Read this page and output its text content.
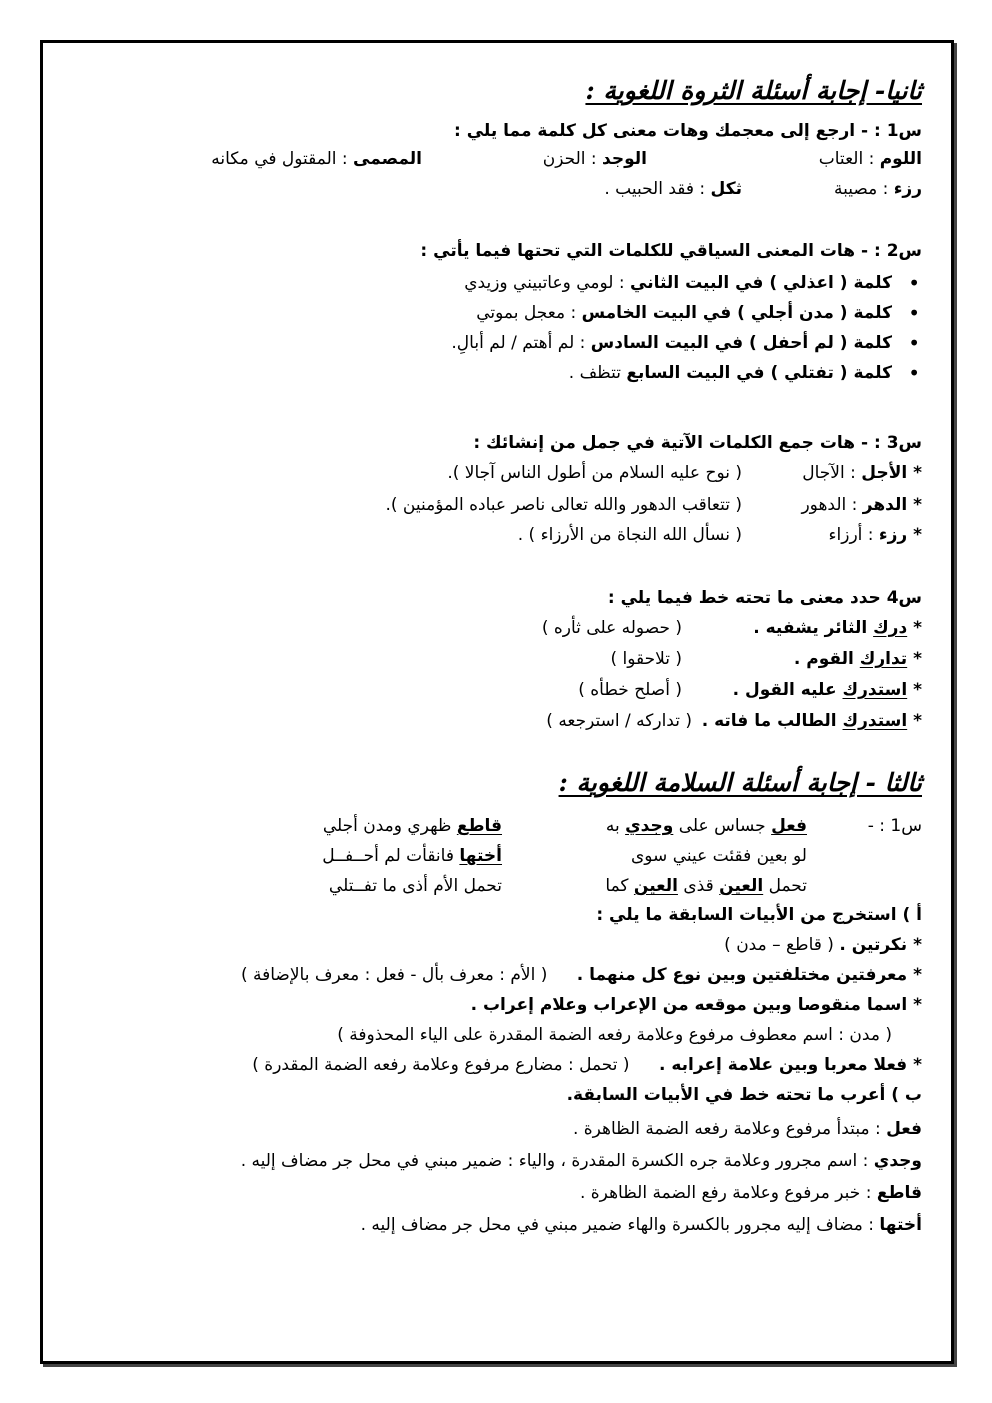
ثانيا- إجابة أسئلة الثروة اللغوية :
س1 : - ارجع إلى معجمك وهات معنى كل كلمة مما يلي :
اللوم : العتاب
الوجد : الحزن
المصمى : المقتول في مكانه
رزء : مصيبة
ثكل : فقد الحبيب .
س2 : - هات المعنى السياقي للكلمات التي تحتها فيما يأتي :
• كلمة ( اعذلي ) في البيت الثاني : لومي وعاتبيني وزيدي
• كلمة ( مدن أجلي ) في البيت الخامس : معجل بموتي
• كلمة ( لم أحفل ) في البيت السادس : لم أهتم / لم أبالِ.
• كلمة ( تفتلي ) في البيت السابع تتظف .
س3 : - هات جمع الكلمات الآتية في جمل من إنشائك :
* الأجل : الآجال
( نوح عليه السلام من أطول الناس آجالا ).
* الدهر : الدهور
( تتعاقب الدهور والله تعالى ناصر عباده المؤمنين ).
* رزء : أرزاء
( نسأل الله النجاة من الأرزاء ) .
س4 حدد معنى ما تحته خط فيما يلي :
* درك الثائر يشفيه .
( حصوله على ثأره )
* تدارك القوم .
( تلاحقوا )
* استدرك عليه القول .
( أصلح خطأه )
* استدرك الطالب ما فاته .
( تداركه / استرجعه )
ثالثا - إجابة أسئلة السلامة اللغوية :
س1 : -
فعل جساس على وجدي به
قاطع ظهري ومدن أجلي
لو بعين فقئت عيني سوى
أختها فانقأت لم أحــفــل
تحمل العين قذى العين كما
تحمل الأم أذى ما تفــتلي
أ ) استخرج من الأبيات السابقة ما يلي :
* نكرتين . ( قاطع – مدن )
* معرفتين مختلفتين وبين نوع كل منهما . ( الأم : معرف بأل - فعل : معرف بالإضافة )
* اسما منقوصا وبين موقعه من الإعراب وعلام إعراب .
( مدن : اسم معطوف مرفوع وعلامة رفعه الضمة المقدرة على الياء المحذوفة )
* فعلا معربا وبين علامة إعرابه . ( تحمل : مضارع مرفوع وعلامة رفعه الضمة المقدرة )
ب ) أعرب ما تحته خط في الأبيات السابقة.
فعل : مبتدأ مرفوع وعلامة رفعه الضمة الظاهرة .
وجدي : اسم مجرور وعلامة جره الكسرة المقدرة ، والياء : ضمير مبني في محل جر مضاف إليه .
قاطع : خبر مرفوع وعلامة رفع الضمة الظاهرة .
أختها : مضاف إليه مجرور بالكسرة والهاء ضمير مبني في محل جر مضاف إليه .
